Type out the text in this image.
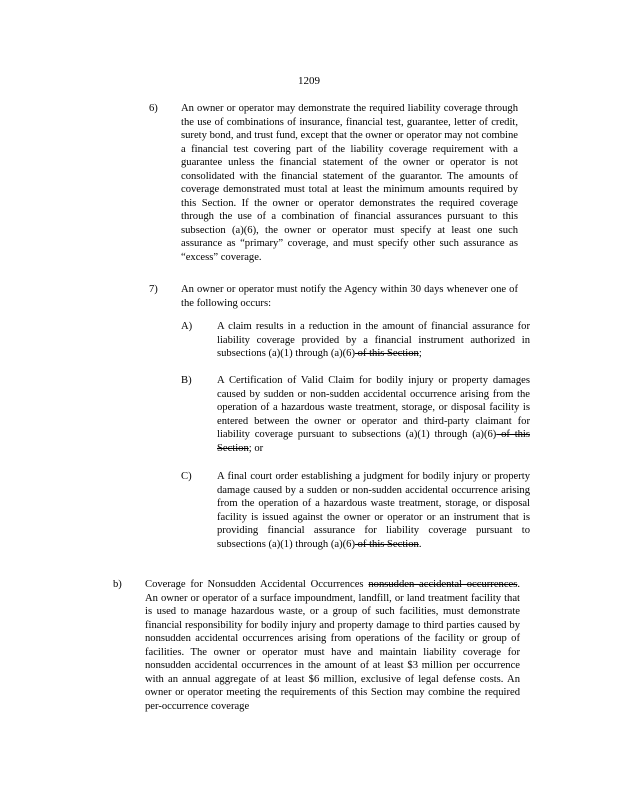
1209
6) An owner or operator may demonstrate the required liability coverage through the use of combinations of insurance, financial test, guarantee, letter of credit, surety bond, and trust fund, except that the owner or operator may not combine a financial test covering part of the liability coverage requirement with a guarantee unless the financial statement of the owner or operator is not consolidated with the financial statement of the guarantor. The amounts of coverage demonstrated must total at least the minimum amounts required by this Section. If the owner or operator demonstrates the required coverage through the use of a combination of financial assurances pursuant to this subsection (a)(6), the owner or operator must specify at least one such assurance as “primary” coverage, and must specify other such assurance as “excess” coverage.
7) An owner or operator must notify the Agency within 30 days whenever one of the following occurs:
A) A claim results in a reduction in the amount of financial assurance for liability coverage provided by a financial instrument authorized in subsections (a)(1) through (a)(6) of this Section;
B) A Certification of Valid Claim for bodily injury or property damages caused by sudden or non-sudden accidental occurrence arising from the operation of a hazardous waste treatment, storage, or disposal facility is entered between the owner or operator and third-party claimant for liability coverage pursuant to subsections (a)(1) through (a)(6) of this Section; or
C) A final court order establishing a judgment for bodily injury or property damage caused by a sudden or non-sudden accidental occurrence arising from the operation of a hazardous waste treatment, storage, or disposal facility is issued against the owner or operator or an instrument that is providing financial assurance for liability coverage pursuant to subsections (a)(1) through (a)(6) of this Section.
b) Coverage for Nonsudden Accidental Occurrences nonsudden accidental occurrences. An owner or operator of a surface impoundment, landfill, or land treatment facility that is used to manage hazardous waste, or a group of such facilities, must demonstrate financial responsibility for bodily injury and property damage to third parties caused by nonsudden accidental occurrences arising from operations of the facility or group of facilities. The owner or operator must have and maintain liability coverage for nonsudden accidental occurrences in the amount of at least $3 million per occurrence with an annual aggregate of at least $6 million, exclusive of legal defense costs. An owner or operator meeting the requirements of this Section may combine the required per-occurrence coverage
